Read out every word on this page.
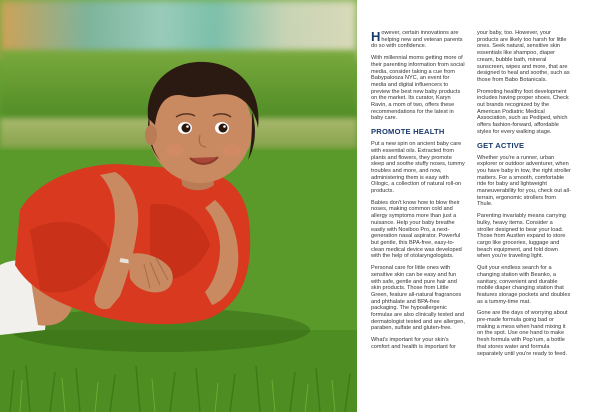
However, certain innovations are helping new and veteran parents do so with confidence.

With millennial moms getting more of their parenting information from social media, consider taking a cue from Babypalooza NYC, an event for media and digital influencers to preview the best new baby products on the market. Its curator, Karyn Ravin, a mom of two, offers these recommendations for the latest in baby care.

PROMOTE HEALTH

Put a new spin on ancient baby care with essential oils. Extracted from plants and flowers, they promote sleep and soothe stuffy noses, tummy troubles and more, and now, administering them is easy with Oilogic, a collection of natural roll-on products.

Babies don't know how to blow their noses, making common cold and allergy symptoms more than just a nuisance. Help your baby breathe easily with Nosiboo Pro, a next-generation nasal aspirator. Powerful but gentle, this BPA-free, easy-to-clean medical device was developed with the help of otolaryngologists.

Personal care for little ones with sensitive skin can be easy and fun with safe, gentle and pure hair and skin products. Those from Little Green, feature all-natural fragrances and phthalate and BPA-free packaging. The hypoallergenic formulas are also clinically tested and dermatologist tested and are allergen, paraben, sulfate and gluten-free.

What's important for your skin's comfort and health is important for

your baby, too. However, your products are likely too harsh for little ones. Seek natural, sensitive skin essentials like shampoo, diaper cream, bubble bath, mineral sunscreen, wipes and more, that are designed to heal and soothe, such as those from Babo Botanicals.

Promoting healthy foot development includes having proper shoes. Check out brands recognized by the American Podiatric Medical Association, such as Pediped, which offers fashion-forward, affordable styles for every walking stage.

GET ACTIVE

Whether you're a runner, urban explorer or outdoor adventurer, when you have baby in tow, the right stroller matters. For a smooth, comfortable ride for baby and lightweight maneuverability for you, check out all-terrain, ergonomic strollers from Thule.

Parenting invariably means carrying bulky, heavy items. Consider a stroller designed to bear your load. Those from Austlen expand to store cargo like groceries, luggage and beach equipment, and fold down when you're traveling light.

Quit your endless search for a changing station with Beanko, a sanitary, convenient and durable mobile diaper changing station that features storage pockets and doubles as a tummy-time mat.

Gone are the days of worrying about pre-made formula going bad or making a mess when hand mixing it on the spot. Use one hand to make fresh formula with Pop'rum, a bottle that stores water and formula separately until you're ready to feed.
